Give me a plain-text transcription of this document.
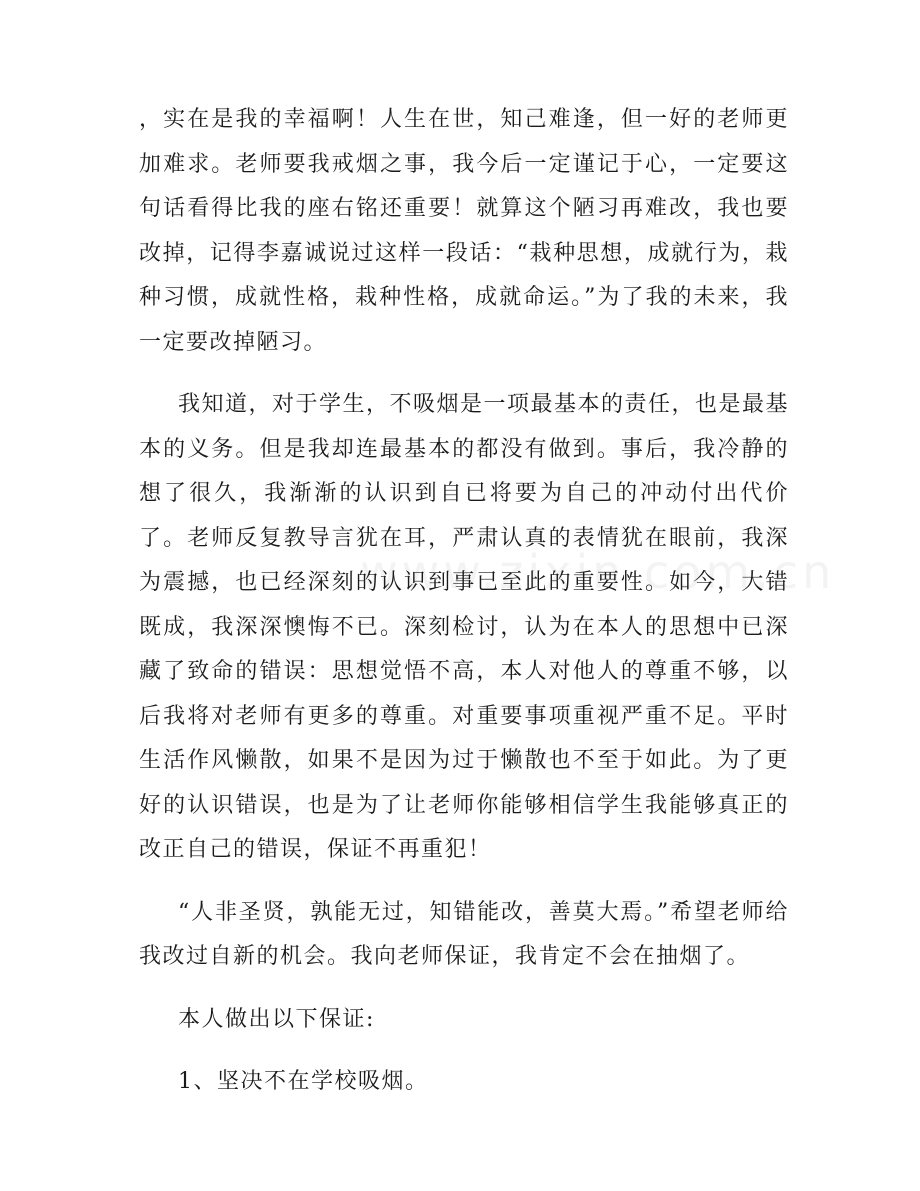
，实在是我的幸福啊！人生在世，知己难逢，但一好的老师更加难求。老师要我戒烟之事，我今后一定谨记于心，一定要这句话看得比我的座右铭还重要！就算这个陋习再难改，我也要改掉，记得李嘉诚说过这样一段话：“栽种思想，成就行为，栽种习惯，成就性格，栽种性格，成就命运。”为了我的未来，我一定要改掉陋习。

我知道，对于学生，不吸烟是一项最基本的责任，也是最基本的义务。但是我却连最基本的都没有做到。事后，我冷静的想了很久，我渐渐的认识到自已将要为自己的冲动付出代价了。老师反复教导言犹在耳，严肃认真的表情犹在眼前，我深为震撼，也已经深刻的认识到事已至此的重要性。如今，大错既成，我深深懊悔不已。深刻检讨，认为在本人的思想中已深藏了致命的错误：思想觉悟不高，本人对他人的尊重不够，以后我将对老师有更多的尊重。对重要事项重视严重不足。平时生活作风懒散，如果不是因为过于懒散也不至于如此。为了更好的认识错误，也是为了让老师你能够相信学生我能够真正的改正自己的错误，保证不再重犯！

“人非圣贤，孰能无过，知错能改，善莫大焉。”希望老师给我改过自新的机会。我向老师保证，我肯定不会在抽烟了。

本人做出以下保证:

1、坚决不在学校吸烟。
